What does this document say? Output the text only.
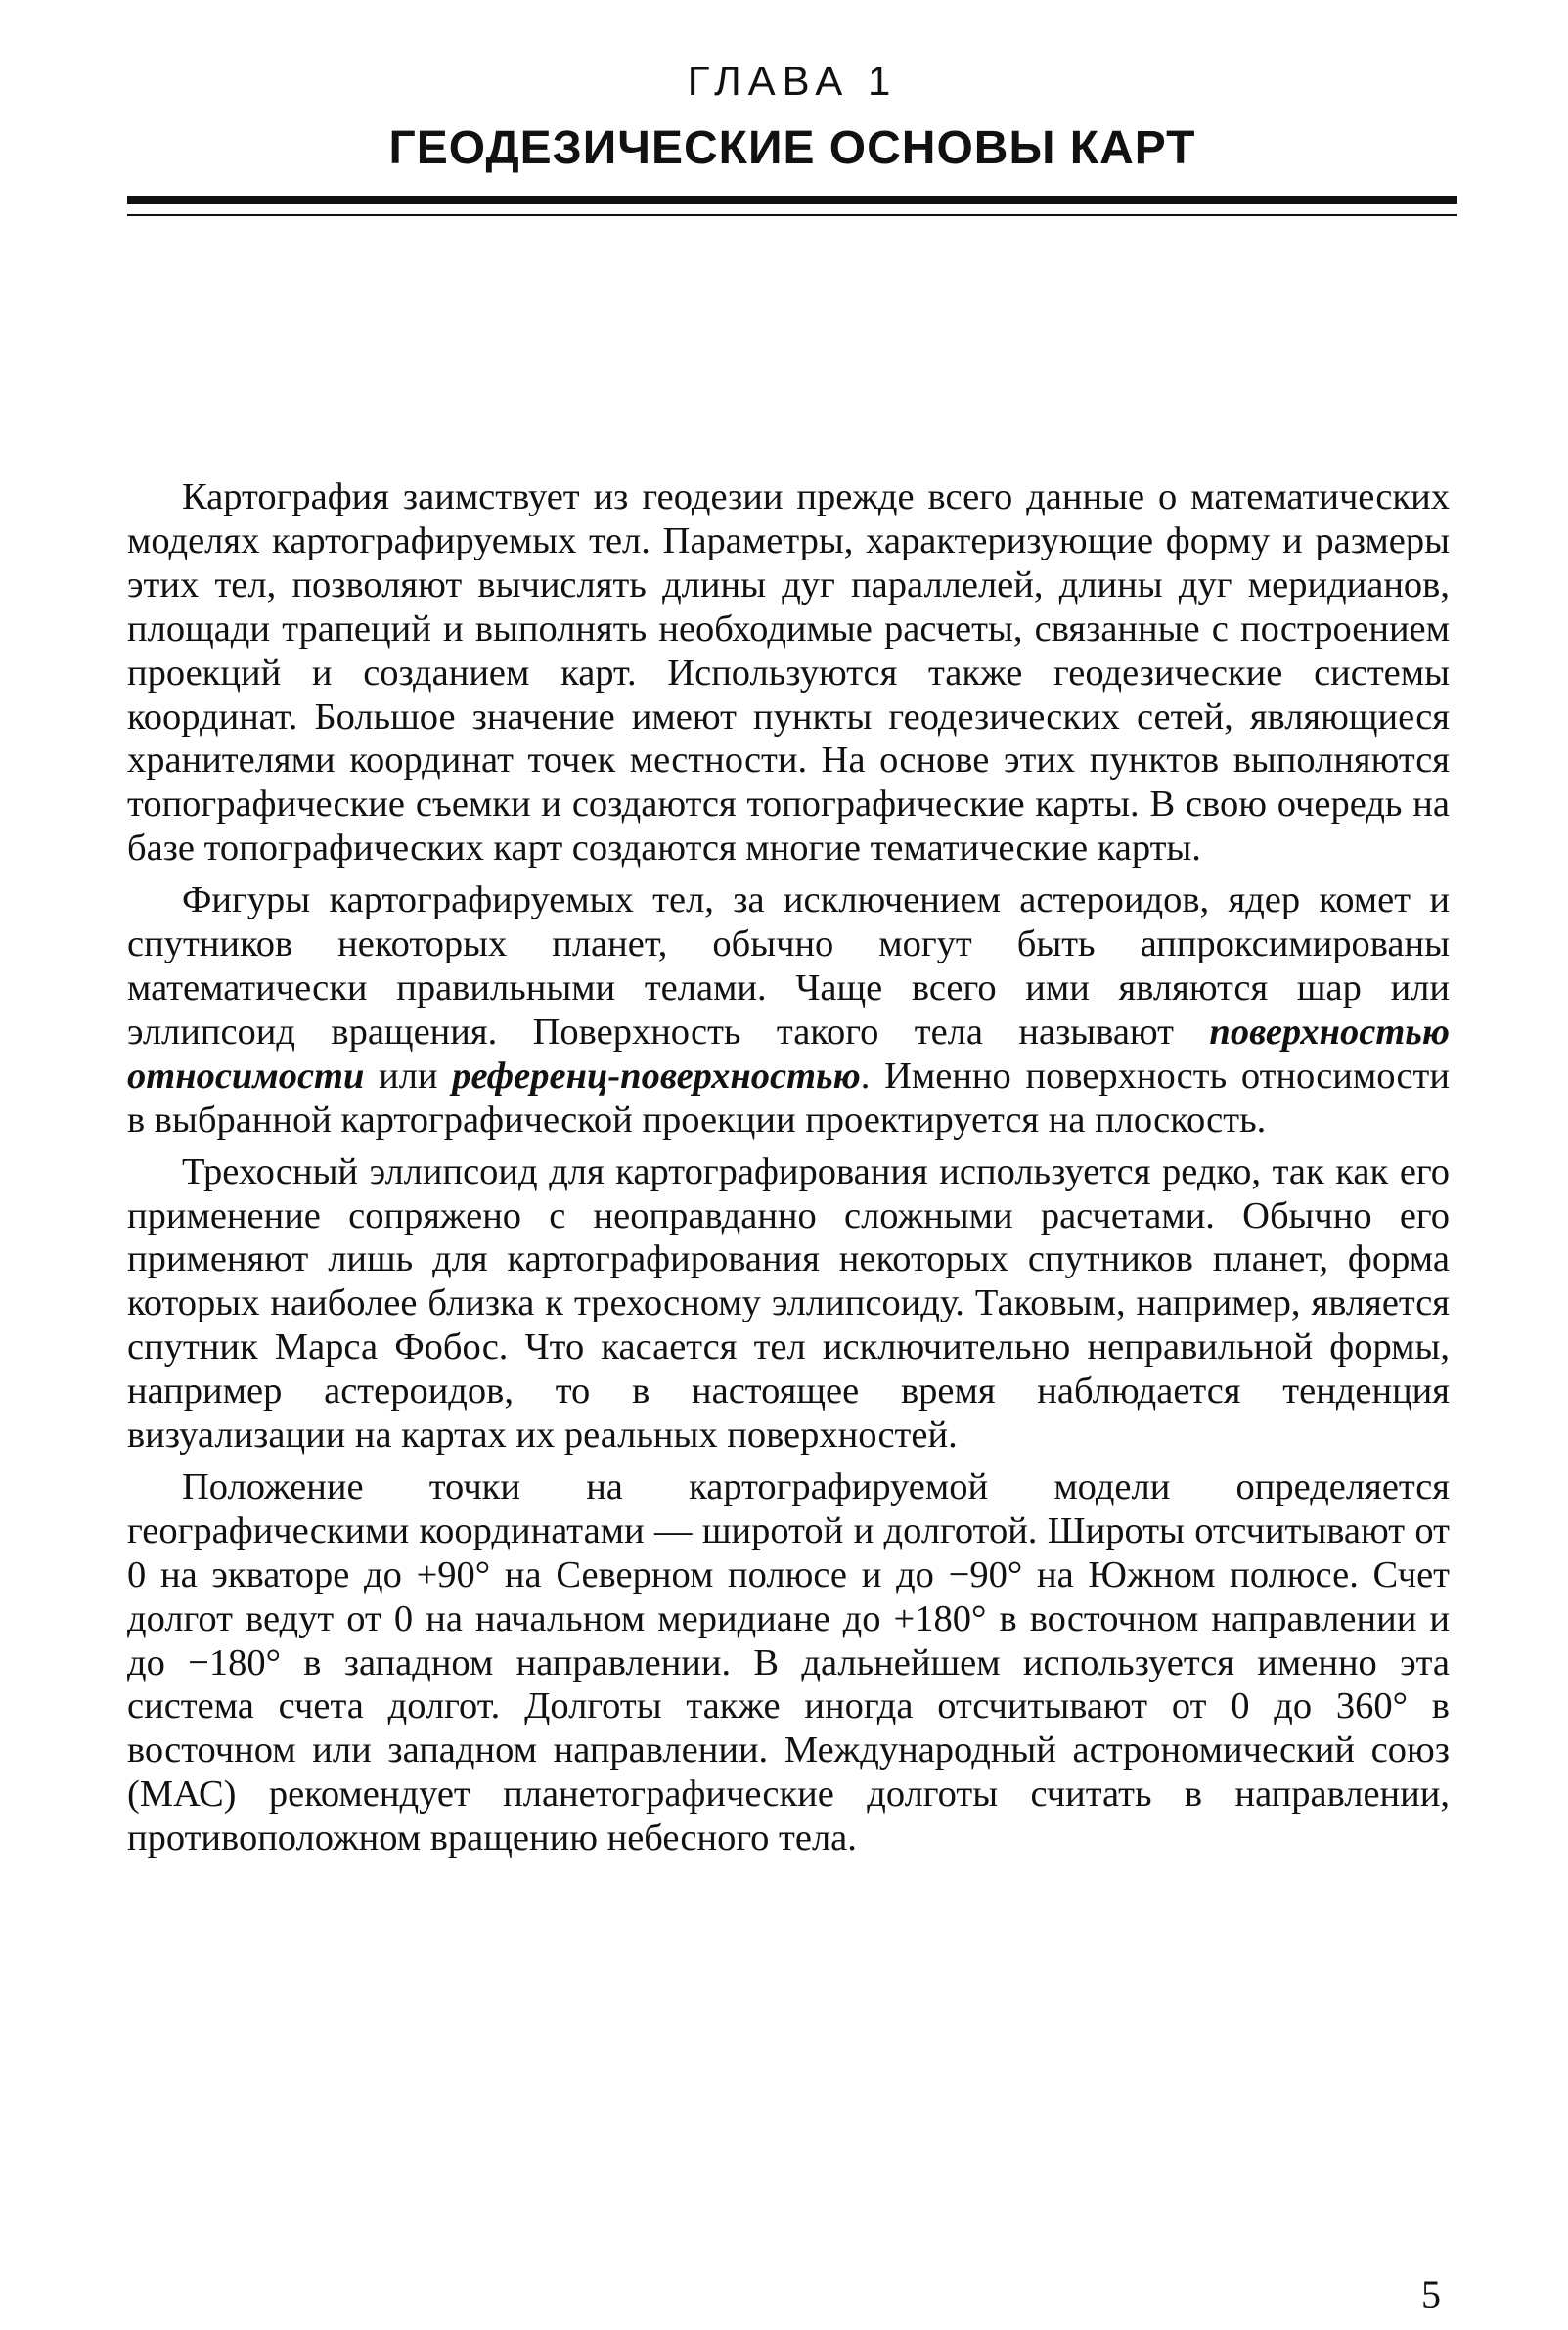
ГЛАВА 1
ГЕОДЕЗИЧЕСКИЕ ОСНОВЫ КАРТ

Картография заимствует из геодезии прежде всего данные о математических моделях картографируемых тел. Параметры, характеризующие форму и размеры этих тел, позволяют вычислять длины дуг параллелей, длины дуг меридианов, площади трапеций и выполнять необходимые расчеты, связанные с построением проекций и созданием карт. Используются также геодезические системы координат. Большое значение имеют пункты геодезических сетей, являющиеся хранителями координат точек местности. На основе этих пунктов выполняются топографические съемки и создаются топографические карты. В свою очередь на базе топографических карт создаются многие тематические карты.

Фигуры картографируемых тел, за исключением астероидов, ядер комет и спутников некоторых планет, обычно могут быть аппроксимированы математически правильными телами. Чаще всего ими являются шар или эллипсоид вращения. Поверхность такого тела называют поверхностью относимости или референц-поверхностью. Именно поверхность относимости в выбранной картографической проекции проектируется на плоскость.

Трехосный эллипсоид для картографирования используется редко, так как его применение сопряжено с неоправданно сложными расчетами. Обычно его применяют лишь для картографирования некоторых спутников планет, форма которых наиболее близка к трехосному эллипсоиду. Таковым, например, является спутник Марса Фобос. Что касается тел исключительно неправильной формы, например астероидов, то в настоящее время наблюдается тенденция визуализации на картах их реальных поверхностей.

Положение точки на картографируемой модели определяется географическими координатами — широтой и долготой. Широты отсчитывают от 0 на экваторе до +90° на Северном полюсе и до −90° на Южном полюсе. Счет долгот ведут от 0 на начальном меридиане до +180° в восточном направлении и до −180° в западном направлении. В дальнейшем используется именно эта система счета долгот. Долготы также иногда отсчитывают от 0 до 360° в восточном или западном направлении. Международный астрономический союз (МАС) рекомендует планетографические долготы считать в направлении, противоположном вращению небесного тела.

5
